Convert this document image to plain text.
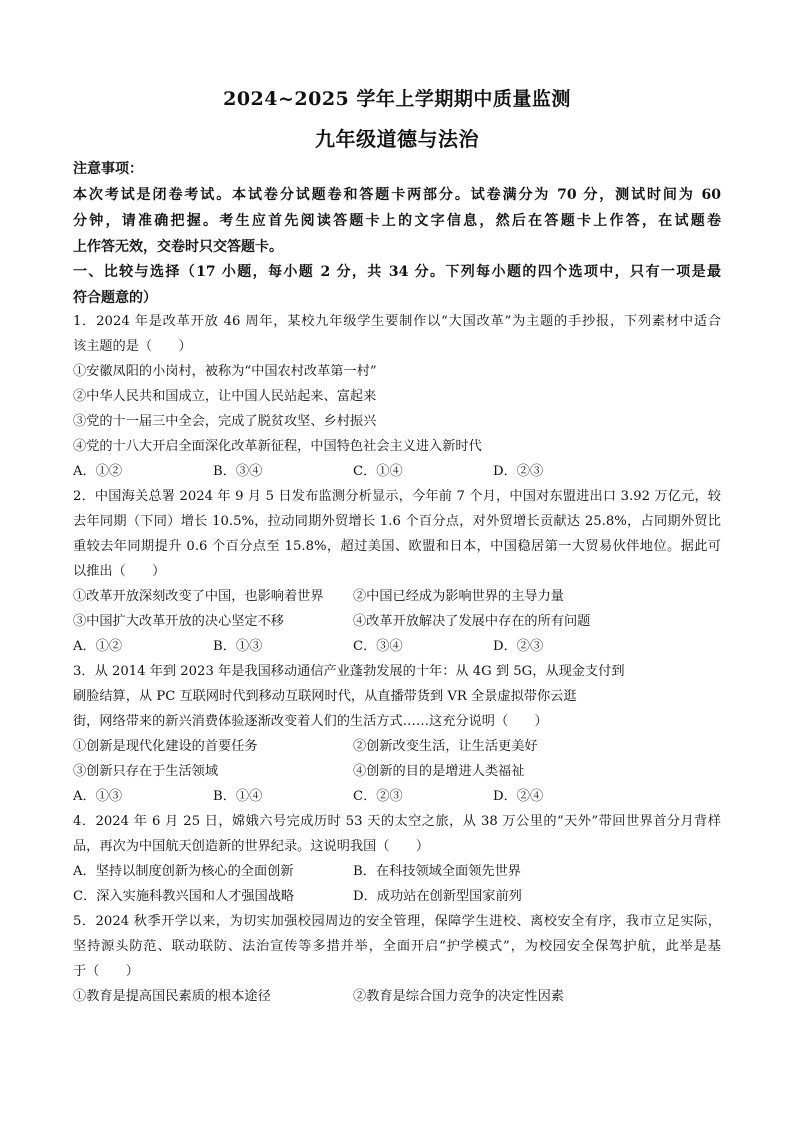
2024~2025 学年上学期期中质量监测
九年级道德与法治
注意事项：
本次考试是闭卷考试。本试卷分试题卷和答题卡两部分。试卷满分为 70 分，测试时间为 60
分钟，请准确把握。考生应首先阅读答题卡上的文字信息，然后在答题卡上作答，在试题卷
上作答无效，交卷时只交答题卡。
一、比较与选择（17 小题，每小题 2 分，共 34 分。下列每小题的四个选项中，只有一项是最
符合题意的）
1．2024 年是改革开放 46 周年，某校九年级学生要制作以“大国改革”为主题的手抄报，下列素材中适合
该主题的是（　　）
①安徽凤阳的小岗村，被称为“中国农村改革第一村”
②中华人民共和国成立，让中国人民站起来、富起来
③党的十一届三中全会，完成了脱贫攻坚、乡村振兴
④党的十八大开启全面深化改革新征程，中国特色社会主义进入新时代
A．①②	B．③④	C．①④	D．②③
2．中国海关总署 2024 年 9 月 5 日发布监测分析显示，今年前 7 个月，中国对东盟进出口 3.92 万亿元，较
去年同期（下同）增长 10.5%，拉动同期外贸增长 1.6 个百分点，对外贸增长贡献达 25.8%，占同期外贸比
重较去年同期提升 0.6 个百分点至 15.8%，超过美国、欧盟和日本，中国稳居第一大贸易伙伴地位。据此可
以推出（　　）
①改革开放深刻改变了中国，也影响着世界 ②中国已经成为影响世界的主导力量
③中国扩大改革开放的决心坚定不移	④改革开放解决了发展中存在的所有问题
A．①②	B．①③	C．③④	D．②③
3．从 2014 年到 2023 年是我国移动通信产业蓬勃发展的十年：从 4G 到 5G，从现金支付到
刷脸结算，从 PC 互联网时代到移动互联网时代，从直播带货到 VR 全景虚拟带你云逛
街，网络带来的新兴消费体验逐渐改变着人们的生活方式……这充分说明（　　）
①创新是现代化建设的首要任务	②创新改变生活，让生活更美好
③创新只存在于生活领域	④创新的目的是增进人类福祉
A．①③	B．①④	C．②③	D．②④
4．2024 年 6 月 25 日，嫦娥六号完成历时 53 天的太空之旅，从 38 万公里的“天外”带回世界首分月背样
品，再次为中国航天创造新的世界纪录。这说明我国（　　）
A．坚持以制度创新为核心的全面创新	B．在科技领域全面领先世界
C．深入实施科教兴国和人才强国战略	D．成功站在创新型国家前列
5．2024 秋季开学以来，为切实加强校园周边的安全管理，保障学生进校、离校安全有序，我市立足实际，
坚持源头防范、联动联防、法治宣传等多措并举，全面开启“护学模式”，为校园安全保驾护航，此举是基
于（　　）
①教育是提高国民素质的根本途径	②教育是综合国力竞争的决定性因素
